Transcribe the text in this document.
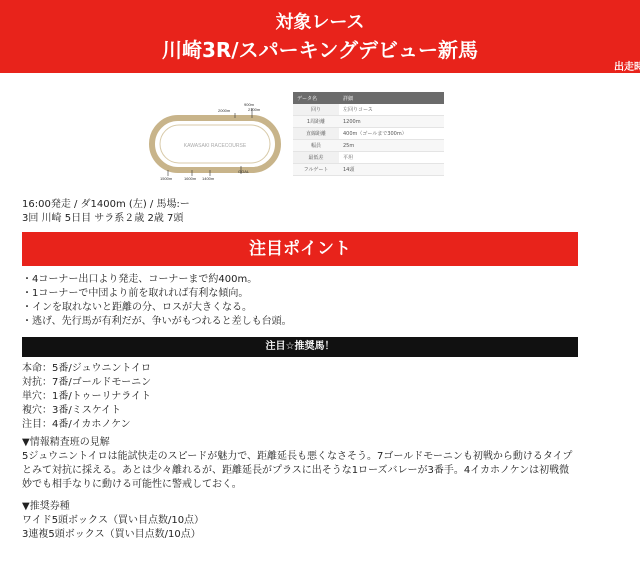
対象レース
川崎3R/スパーキングデビュー新馬
出走時
KAWASAKI RACECOURSE
2000m
900m
2100m
1500m	1600m 1400m
GOAL
データ名	詳細
回り	左回りコース
1周距離	1200m
直線距離	400m（ゴールまで300m）
幅員	25m
最低差	平坦
フルゲート	14頭
16:00発走 / ダ1400m (左) / 馬場:ー
3回 川崎 5日目 サラ系２歳 2歳 7頭
注目ポイント
・4コーナー出口より発走、コーナーまで約400m。
・1コーナーで中団より前を取れれば有利な傾向。
・インを取れないと距離の分、ロスが大きくなる。
・逃げ、先行馬が有利だが、争いがもつれると差しも台頭。
注目☆推奨馬！
本命：5番/ジュウニントイロ
対抗：7番/ゴールドモーニン
単穴：1番/トゥーリナライト
複穴：3番/ミスケイト
注目：4番/イカホノケン
▼情報精査班の見解
5ジュウニントイロは能試快走のスピードが魅力で、距離延長も悪くなさそう。7ゴールドモーニンも初戦から動けるタイプとみて対抗に採える。あとは少々離れるが、距離延長がプラスに出そうな1ローズバレーが3番手。4イカホノケンは初戦微妙でも相手なりに動ける可能性に警戒しておく。
▼推奨券種
ワイド5頭ボックス（買い目点数/10点）
3連複5頭ボックス（買い目点数/10点）
